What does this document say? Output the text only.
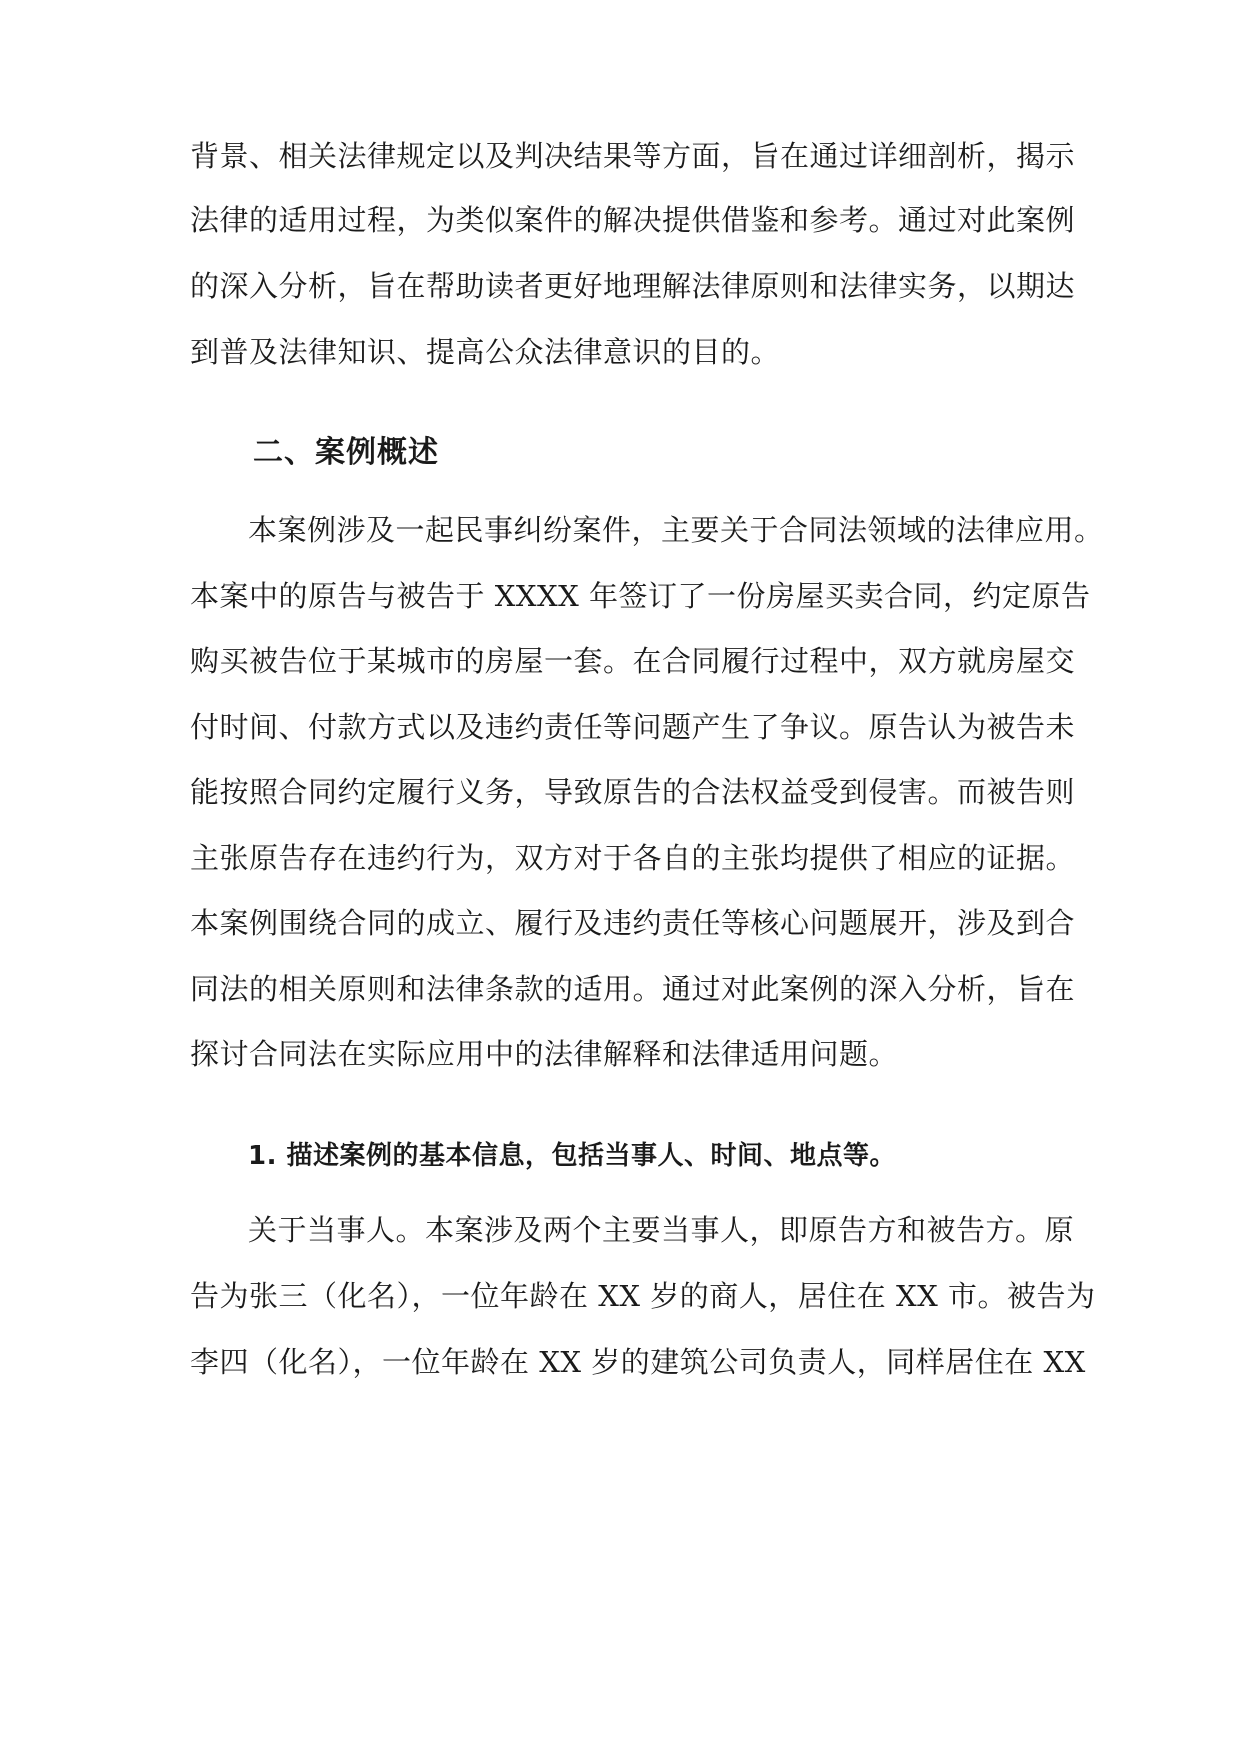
背景、相关法律规定以及判决结果等方面，旨在通过详细剖析，揭示
法律的适用过程，为类似案件的解决提供借鉴和参考。通过对此案例
的深入分析，旨在帮助读者更好地理解法律原则和法律实务，以期达
到普及法律知识、提高公众法律意识的目的。
二、案例概述
本案例涉及一起民事纠纷案件，主要关于合同法领域的法律应用。
本案中的原告与被告于 XXXX 年签订了一份房屋买卖合同，约定原告
购买被告位于某城市的房屋一套。在合同履行过程中，双方就房屋交
付时间、付款方式以及违约责任等问题产生了争议。原告认为被告未
能按照合同约定履行义务，导致原告的合法权益受到侵害。而被告则
主张原告存在违约行为，双方对于各自的主张均提供了相应的证据。
本案例围绕合同的成立、履行及违约责任等核心问题展开，涉及到合
同法的相关原则和法律条款的适用。通过对此案例的深入分析，旨在
探讨合同法在实际应用中的法律解释和法律适用问题。
1. 描述案例的基本信息，包括当事人、时间、地点等。
关于当事人。本案涉及两个主要当事人，即原告方和被告方。原
告为张三（化名），一位年龄在 XX 岁的商人，居住在 XX 市。被告为
李四（化名），一位年龄在 XX 岁的建筑公司负责人，同样居住在 XX
